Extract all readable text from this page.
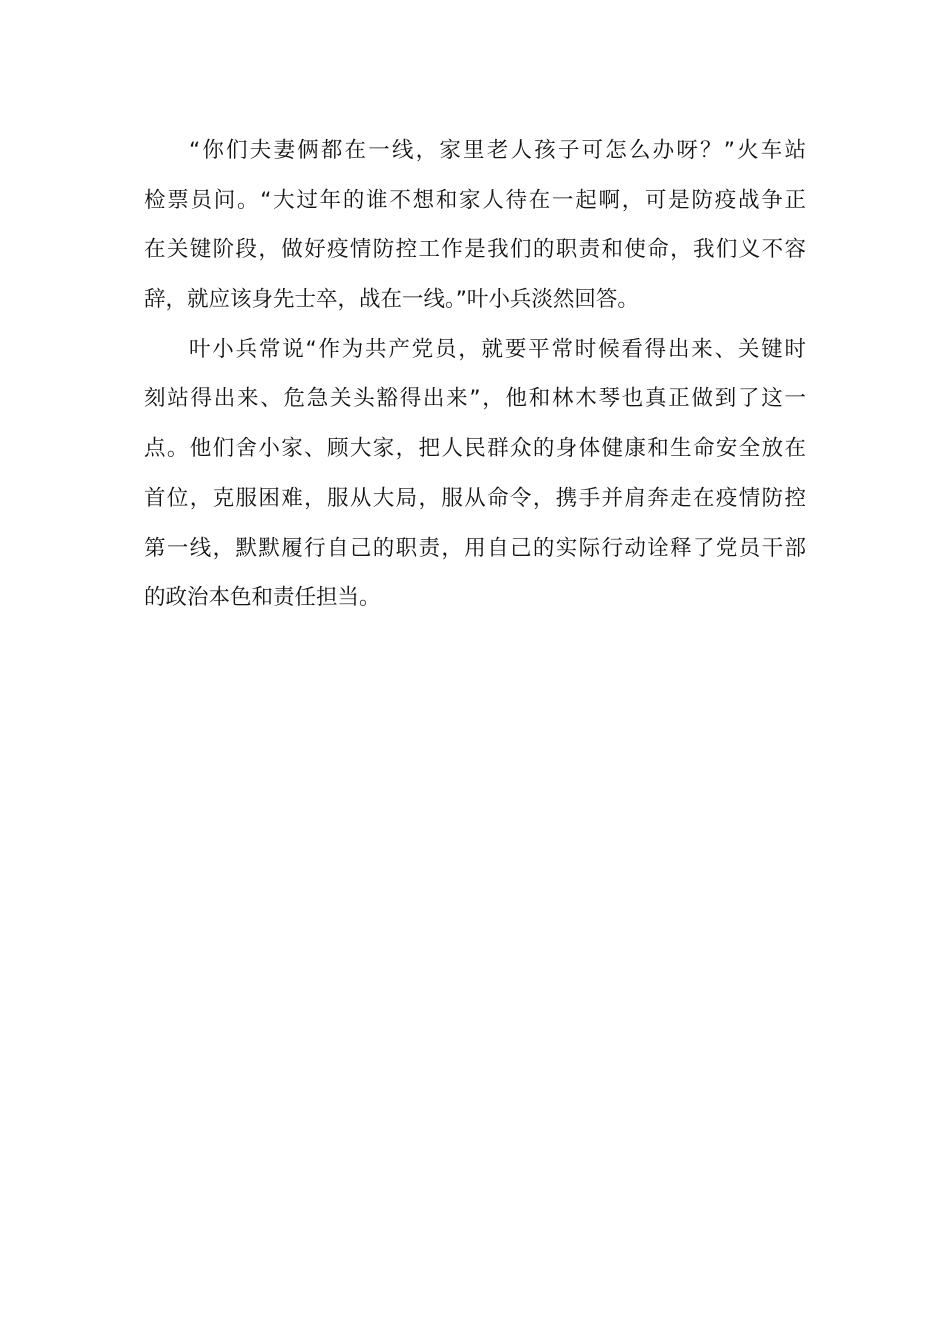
“你们夫妻俩都在一线，家里老人孩子可怎么办呀？”火车站
检票员问。“大过年的谁不想和家人待在一起啊，可是防疫战争正
在关键阶段，做好疫情防控工作是我们的职责和使命，我们义不容
辞，就应该身先士卒，战在一线。”叶小兵淡然回答。
叶小兵常说“作为共产党员，就要平常时候看得出来、关键时
刻站得出来、危急关头豁得出来”，他和林木琴也真正做到了这一
点。他们舍小家、顾大家，把人民群众的身体健康和生命安全放在
首位，克服困难，服从大局，服从命令，携手并肩奔走在疫情防控
第一线，默默履行自己的职责，用自己的实际行动诠释了党员干部
的政治本色和责任担当。
